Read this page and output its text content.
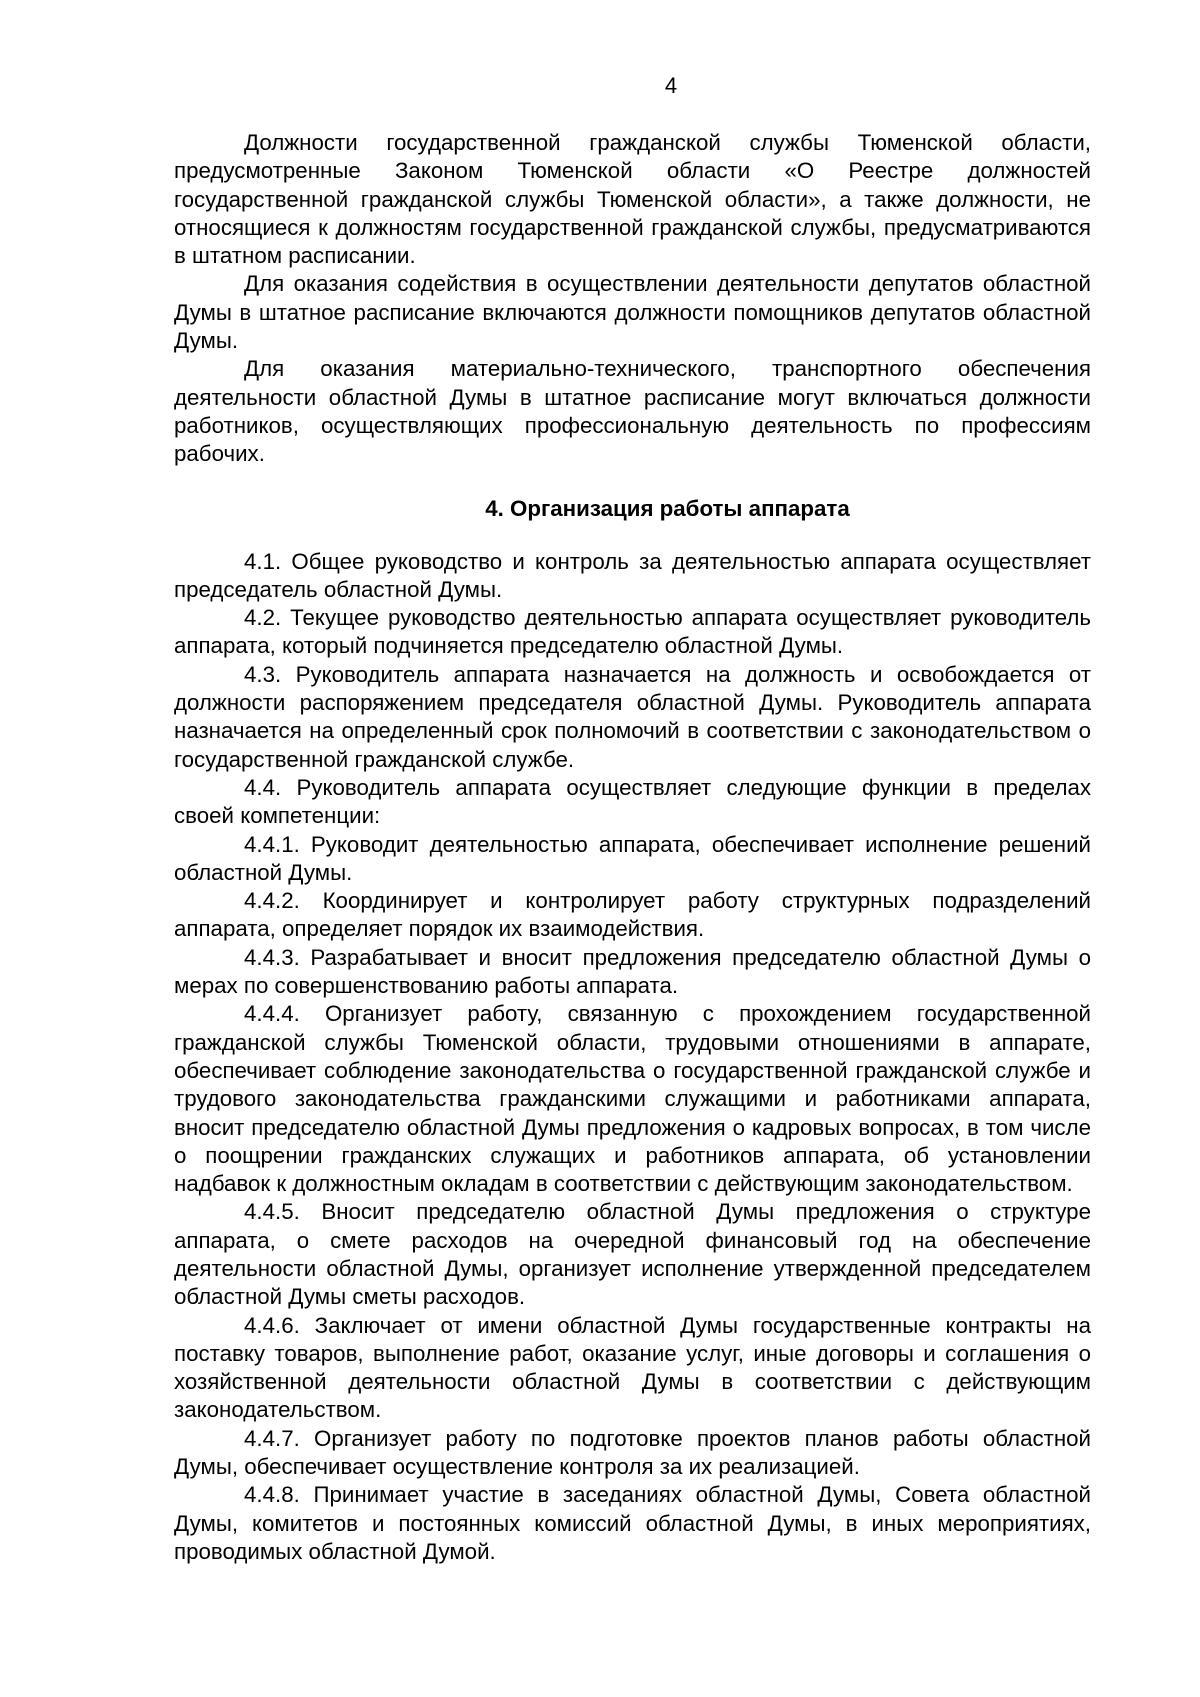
4

Должности государственной гражданской службы Тюменской области, предусмотренные Законом Тюменской области «О Реестре должностей государственной гражданской службы Тюменской области», а также должности, не относящиеся к должностям государственной гражданской службы, предусматриваются в штатном расписании.

Для оказания содействия в осуществлении деятельности депутатов областной Думы в штатное расписание включаются должности помощников депутатов областной Думы.

Для оказания материально-технического, транспортного обеспечения деятельности областной Думы в штатное расписание могут включаться должности работников, осуществляющих профессиональную деятельность по профессиям рабочих.

4. Организация работы аппарата

4.1. Общее руководство и контроль за деятельностью аппарата осуществляет председатель областной Думы.

4.2. Текущее руководство деятельностью аппарата осуществляет руководитель аппарата, который подчиняется председателю областной Думы.

4.3. Руководитель аппарата назначается на должность и освобождается от должности распоряжением председателя областной Думы. Руководитель аппарата назначается на определенный срок полномочий в соответствии с законодательством о государственной гражданской службе.

4.4. Руководитель аппарата осуществляет следующие функции в пределах своей компетенции:

4.4.1. Руководит деятельностью аппарата, обеспечивает исполнение решений областной Думы.

4.4.2. Координирует и контролирует работу структурных подразделений аппарата, определяет порядок их взаимодействия.

4.4.3. Разрабатывает и вносит предложения председателю областной Думы о мерах по совершенствованию работы аппарата.

4.4.4. Организует работу, связанную с прохождением государственной гражданской службы Тюменской области, трудовыми отношениями в аппарате, обеспечивает соблюдение законодательства о государственной гражданской службе и трудового законодательства гражданскими служащими и работниками аппарата, вносит председателю областной Думы предложения о кадровых вопросах, в том числе о поощрении гражданских служащих и работников аппарата, об установлении надбавок к должностным окладам в соответствии с действующим законодательством.

4.4.5. Вносит председателю областной Думы предложения о структуре аппарата, о смете расходов на очередной финансовый год на обеспечение деятельности областной Думы, организует исполнение утвержденной председателем областной Думы сметы расходов.

4.4.6. Заключает от имени областной Думы государственные контракты на поставку товаров, выполнение работ, оказание услуг, иные договоры и соглашения о хозяйственной деятельности областной Думы в соответствии с действующим законодательством.

4.4.7. Организует работу по подготовке проектов планов работы областной Думы, обеспечивает осуществление контроля за их реализацией.

4.4.8. Принимает участие в заседаниях областной Думы, Совета областной Думы, комитетов и постоянных комиссий областной Думы, в иных мероприятиях, проводимых областной Думой.
